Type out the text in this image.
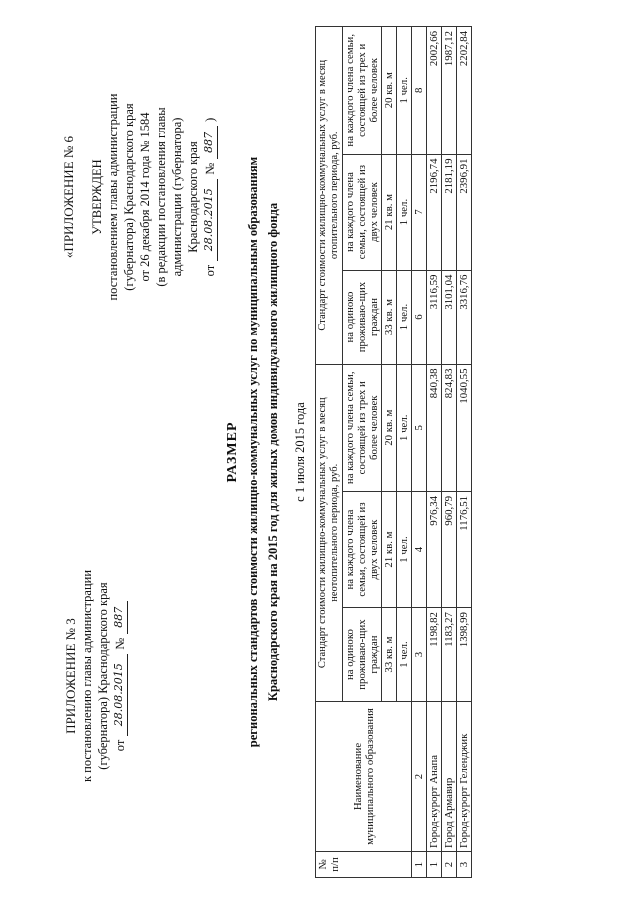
ПРИЛОЖЕНИЕ № 3 к постановлению главы администрации (губернатора) Краснодарского края от
28.08.2015
№
887
«ПРИЛОЖЕНИЕ № 6 УТВЕРЖДЕН постановлением главы администрации (губернатора) Краснодарского края от 26 декабря 2014 года № 1584 (в редакции постановления главы администрации (губернатора) Краснодарского края
от
28.08.2015
№
887
)
РАЗМЕР региональных стандартов стоимости жилищно-коммунальных услуг по муниципальным образованиям Краснодарского края на 2015 год для жилых домов индивидуального жилищного фонда с 1 июля 2015 года
№ п/п	Наименование муниципального образования	Стандарт стоимости жилищно-коммунальных услуг в месяц неотопительного периода, руб.			Стандарт стоимости жилищно-коммунальных услуг в месяц отопительного периода, руб.		
		на одиноко проживаю-щих граждан	на каждого члена семьи, состоящей из двух человек	на каждого члена семьи, состоящей из трех и более человек	на одиноко проживаю-щих граждан	на каждого члена семьи, состоящей из двух человек	на каждого члена семьи, состоящей из трех и более человек
		33 кв. м	21 кв. м	20 кв. м	33 кв. м	21 кв. м	20 кв. м
		1 чел.	1 чел.	1 чел.	1 чел.	1 чел.	1 чел.
1	2	3	4	5	6	7	8
1	Город-курорт Анапа	1198,82	976,34	840,38	3116,59	2196,74	2002,66
2	Город Армавир	1183,27	960,79	824,83	3101,04	2181,19	1987,12
3	Город-курорт Геленджик	1398,99	1176,51	1040,55	3316,76	2396,91	2202,84
